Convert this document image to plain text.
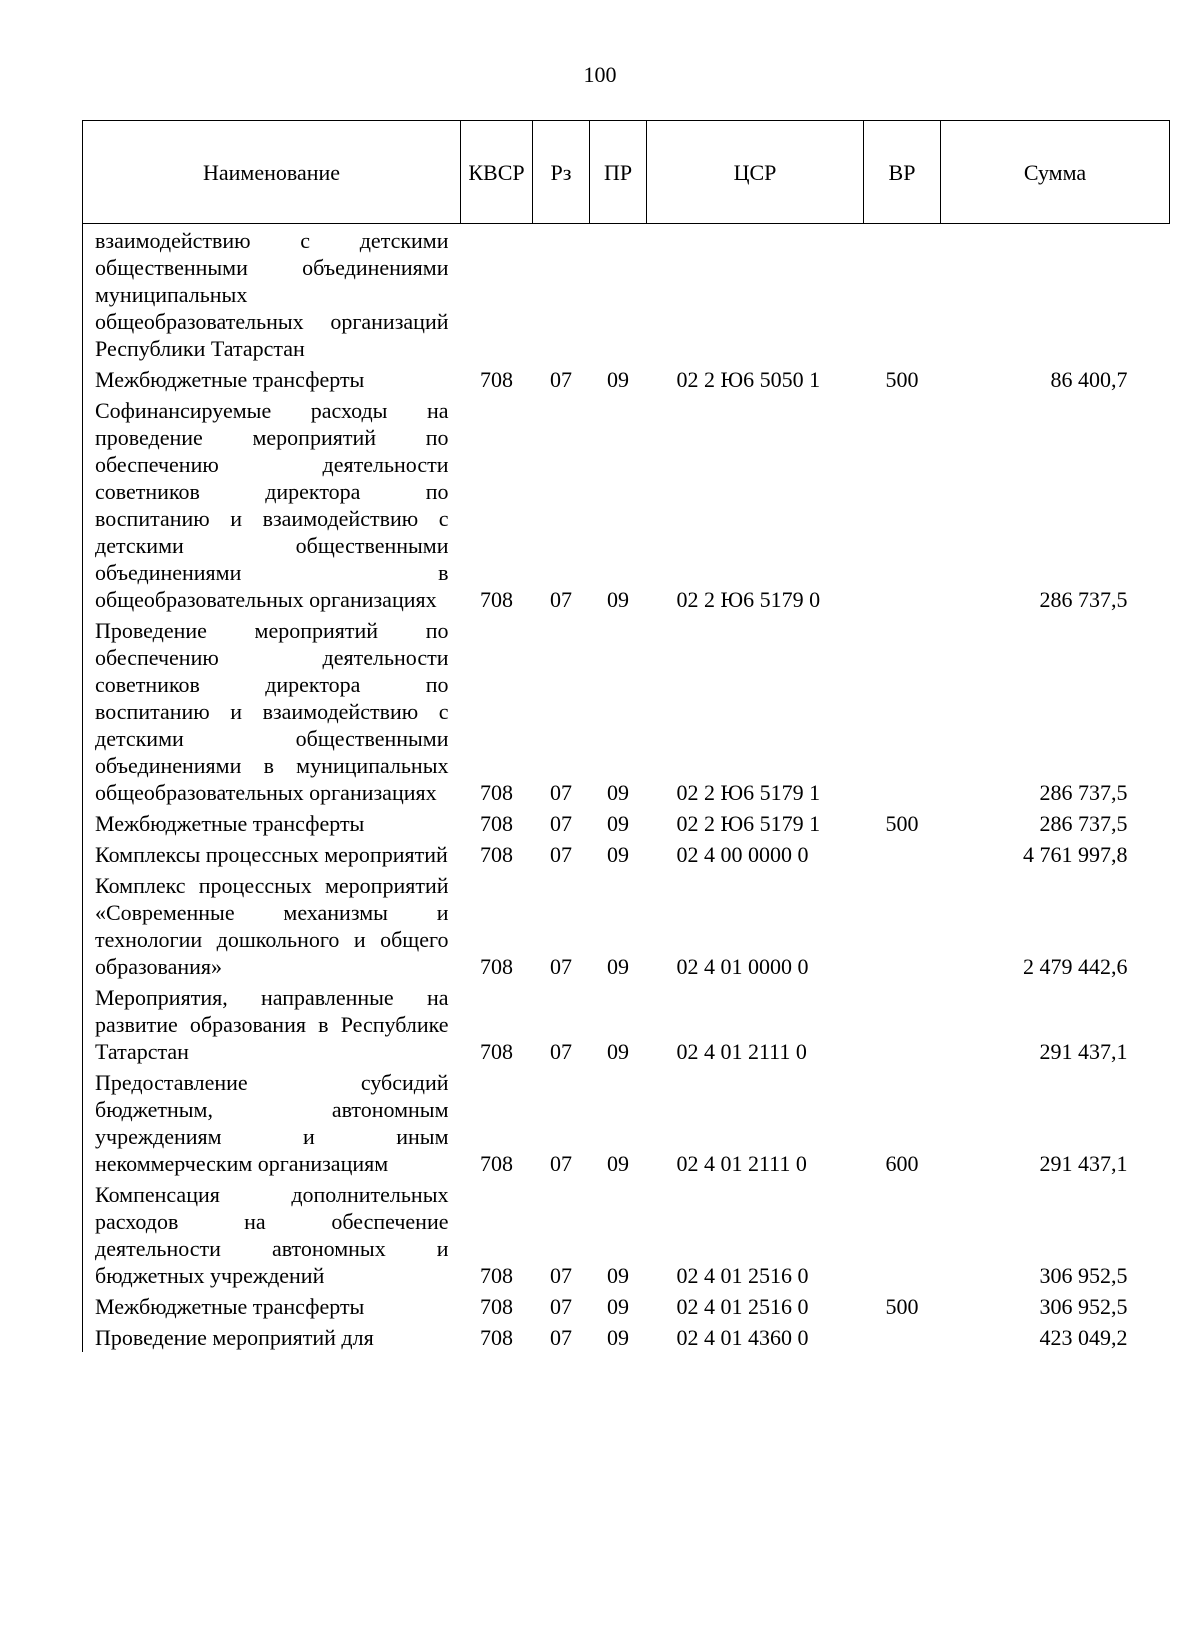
100
Наименование	КВСР	Рз	ПР	ЦСР	ВР	Сумма
взаимодействию с детскими общественными объединениями муниципальных общеобразовательных организаций Республики Татарстан						
Межбюджетные трансферты	708	07	09	02 2 Ю6 5050 1	500	86 400,7
Софинансируемые расходы на проведение мероприятий по обеспечению деятельности советников директора по воспитанию и взаимодействию с детскими общественными объединениями в общеобразовательных организациях	708	07	09	02 2 Ю6 5179 0		286 737,5
Проведение мероприятий по обеспечению деятельности советников директора по воспитанию и взаимодействию с детскими общественными объединениями в муниципальных общеобразовательных организациях	708	07	09	02 2 Ю6 5179 1		286 737,5
Межбюджетные трансферты	708	07	09	02 2 Ю6 5179 1	500	286 737,5
Комплексы процессных мероприятий	708	07	09	02 4 00 0000 0		4 761 997,8
Комплекс процессных мероприятий «Современные механизмы и технологии дошкольного и общего образования»	708	07	09	02 4 01 0000 0		2 479 442,6
Мероприятия, направленные на развитие образования в Республике Татарстан	708	07	09	02 4 01 2111 0		291 437,1
Предоставление субсидий бюджетным, автономным учреждениям и иным некоммерческим организациям	708	07	09	02 4 01 2111 0	600	291 437,1
Компенсация дополнительных расходов на обеспечение деятельности автономных и бюджетных учреждений	708	07	09	02 4 01 2516 0		306 952,5
Межбюджетные трансферты	708	07	09	02 4 01 2516 0	500	306 952,5
Проведение мероприятий для	708	07	09	02 4 01 4360 0		423 049,2
